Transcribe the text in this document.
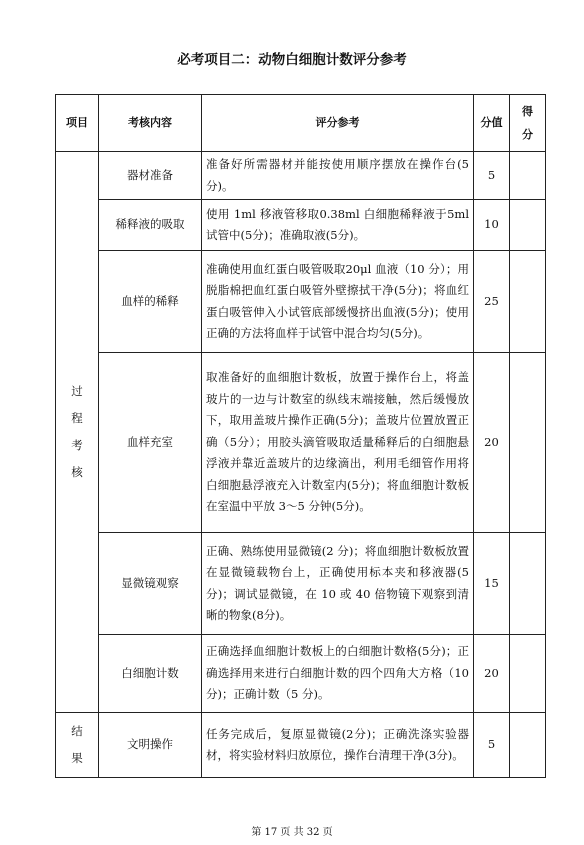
必考项目二：动物白细胞计数评分参考
项目	考核内容	评分参考	分值	得分

过程考核	器材准备	准备好所需器材并能按使用顺序摆放在操作台(5分)。	5	
	稀释液的吸取	使用 1ml 移液管移取0.38ml 白细胞稀释液于5ml 试管中(5分)；准确取液(5分)。	10	
	血样的稀释	准确使用血红蛋白吸管吸取20μl 血液（10 分）；用脱脂棉把血红蛋白吸管外壁擦拭干净(5分)；将血红蛋白吸管伸入小试管底部缓慢挤出血液(5分)；使用正确的方法将血样于试管中混合均匀(5分)。	25	
	血样充室	取准备好的血细胞计数板，放置于操作台上，将盖玻片的一边与计数室的纵线末端接触，然后缓慢放下，取用盖玻片操作正确(5分)；盖玻片位置放置正确（5分）；用胶头滴管吸取适量稀释后的白细胞悬浮液并靠近盖玻片的边缘滴出，利用毛细管作用将白细胞悬浮液充入计数室内(5分)；将血细胞计数板在室温中平放 3～5 分钟(5分)。	20	
	显微镜观察	正确、熟练使用显微镜(2 分)；将血细胞计数板放置在显微镜载物台上，正确使用标本夹和移液器(5分)；调试显微镜，在 10 或 40 倍物镜下观察到清晰的物象(8分)。	15	
	白细胞计数	正确选择血细胞计数板上的白细胞计数格(5分)；正确选择用来进行白细胞计数的四个四角大方格（10 分)；正确计数（5 分)。	20	

结果	文明操作	任务完成后，复原显微镜(2分)；正确洗涤实验器材，将实验材料归放原位，操作台清理干净(3分)。	5	
第 17 页 共 32 页
